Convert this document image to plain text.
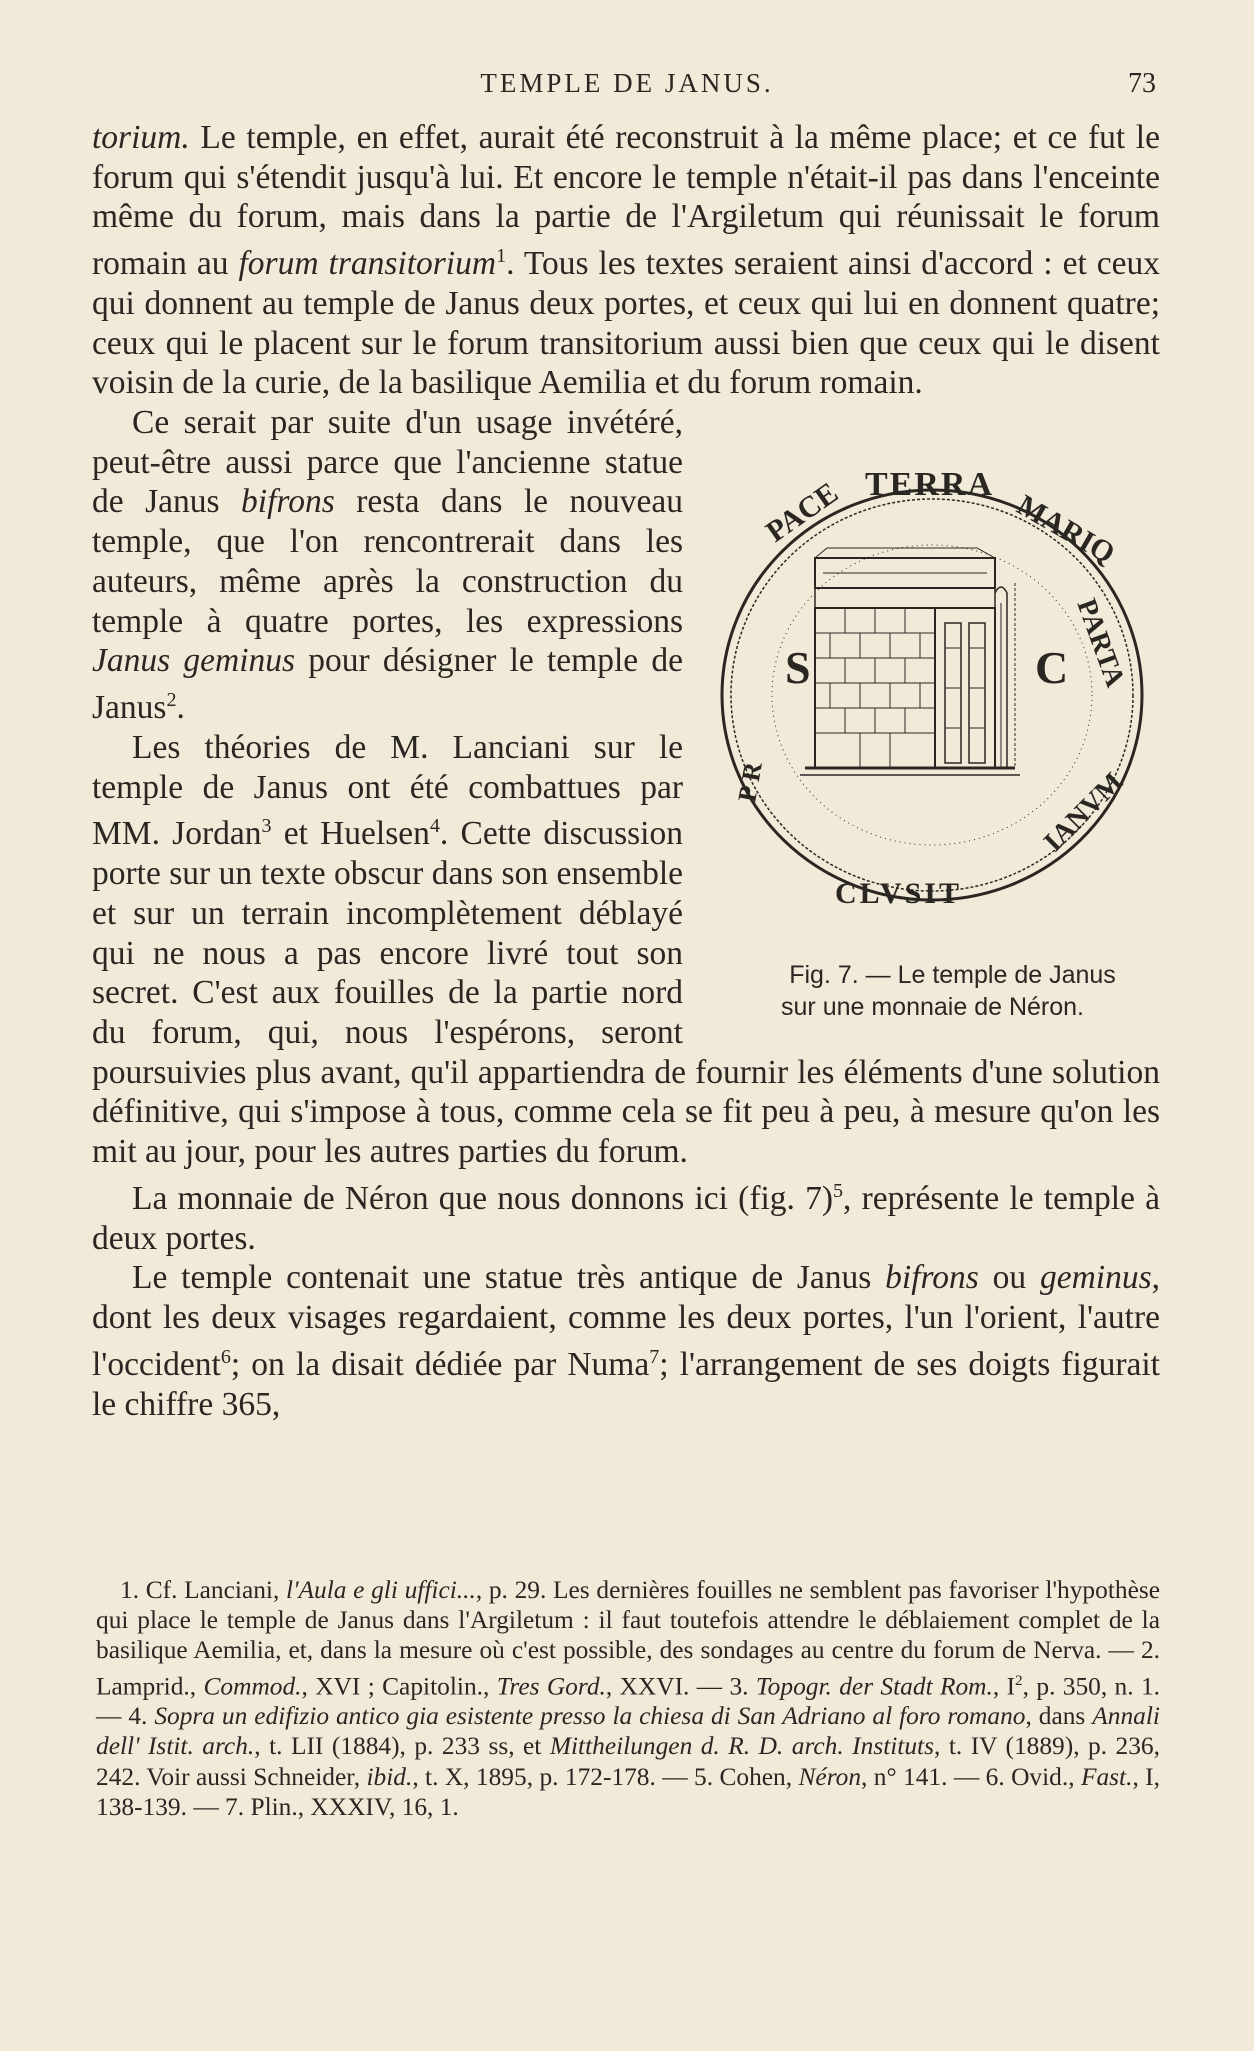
TEMPLE DE JANUS.	73

torium. Le temple, en effet, aurait été reconstruit à la même place; et ce fut le forum qui s'étendit jusqu'à lui. Et encore le temple n'était-il pas dans l'enceinte même du forum, mais dans la partie de l'Argiletum qui réunissait le forum romain au forum transitorium$^1$. Tous les textes seraient ainsi d'accord : et ceux qui donnent au temple de Janus deux portes, et ceux qui lui en donnent quatre; ceux qui le placent sur le forum transitorium aussi bien que ceux qui le disent voisin de la curie, de la basilique Aemilia et du forum romain.

PACE TERRA
MARIQ
PARTA
IANVM
CLVSIT
P R
S	C
Fig. 7. — Le temple de Janus
sur une monnaie de Néron.
Ce serait par suite d'un usage invétéré, peut-être aussi parce que l'ancienne statue de Janus bifrons resta dans le nouveau temple, que l'on rencontrerait dans les auteurs, même après la construction du temple à quatre portes, les expressions Janus geminus pour désigner le temple de Janus$^2$.

Les théories de M. Lanciani sur le temple de Janus ont été combattues par MM. Jordan$^3$ et Huelsen$^4$. Cette discussion porte sur un texte obscur dans son ensemble et sur un terrain incomplètement déblayé qui ne nous a pas encore livré tout son secret. C'est aux fouilles de la partie nord du forum, qui, nous l'espérons, seront poursuivies plus avant, qu'il appartiendra de fournir les éléments d'une solution définitive, qui s'impose à tous, comme cela se fit peu à peu, à mesure qu'on les mit au jour, pour les autres parties du forum.

La monnaie de Néron que nous donnons ici (fig. 7)$^5$, représente le temple à deux portes.

Le temple contenait une statue très antique de Janus bifrons ou geminus, dont les deux visages regardaient, comme les deux portes, l'un l'orient, l'autre l'occident$^6$; on la disait dédiée par Numa$^7$; l'arrangement de ses doigts figurait le chiffre 365,

1. Cf. Lanciani, l'Aula e gli uffici..., p. 29. Les dernières fouilles ne semblent pas favoriser l'hypothèse qui place le temple de Janus dans l'Argiletum : il faut toutefois attendre le déblaiement complet de la basilique Aemilia, et, dans la mesure où c'est possible, des sondages au centre du forum de Nerva. — 2. Lamprid., Commod., XVI ; Capitolin., Tres Gord., XXVI. — 3. Topogr. der Stadt Rom., $I^2$, p. 350, n. 1. — 4. Sopra un edifizio antico gia esistente presso la chiesa di San Adriano al foro romano, dans Annali dell' Istit. arch., t. LII (1884), p. 233 ss, et Mittheilungen d. R. D. arch. Instituts, t. IV (1889), p. 236, 242. Voir aussi Schneider, ibid., t. X, 1895, p. 172-178. — 5. Cohen, Néron, n° 141. — 6. Ovid., Fast., I, 138-139. — 7. Plin., XXXIV, 16, 1.
